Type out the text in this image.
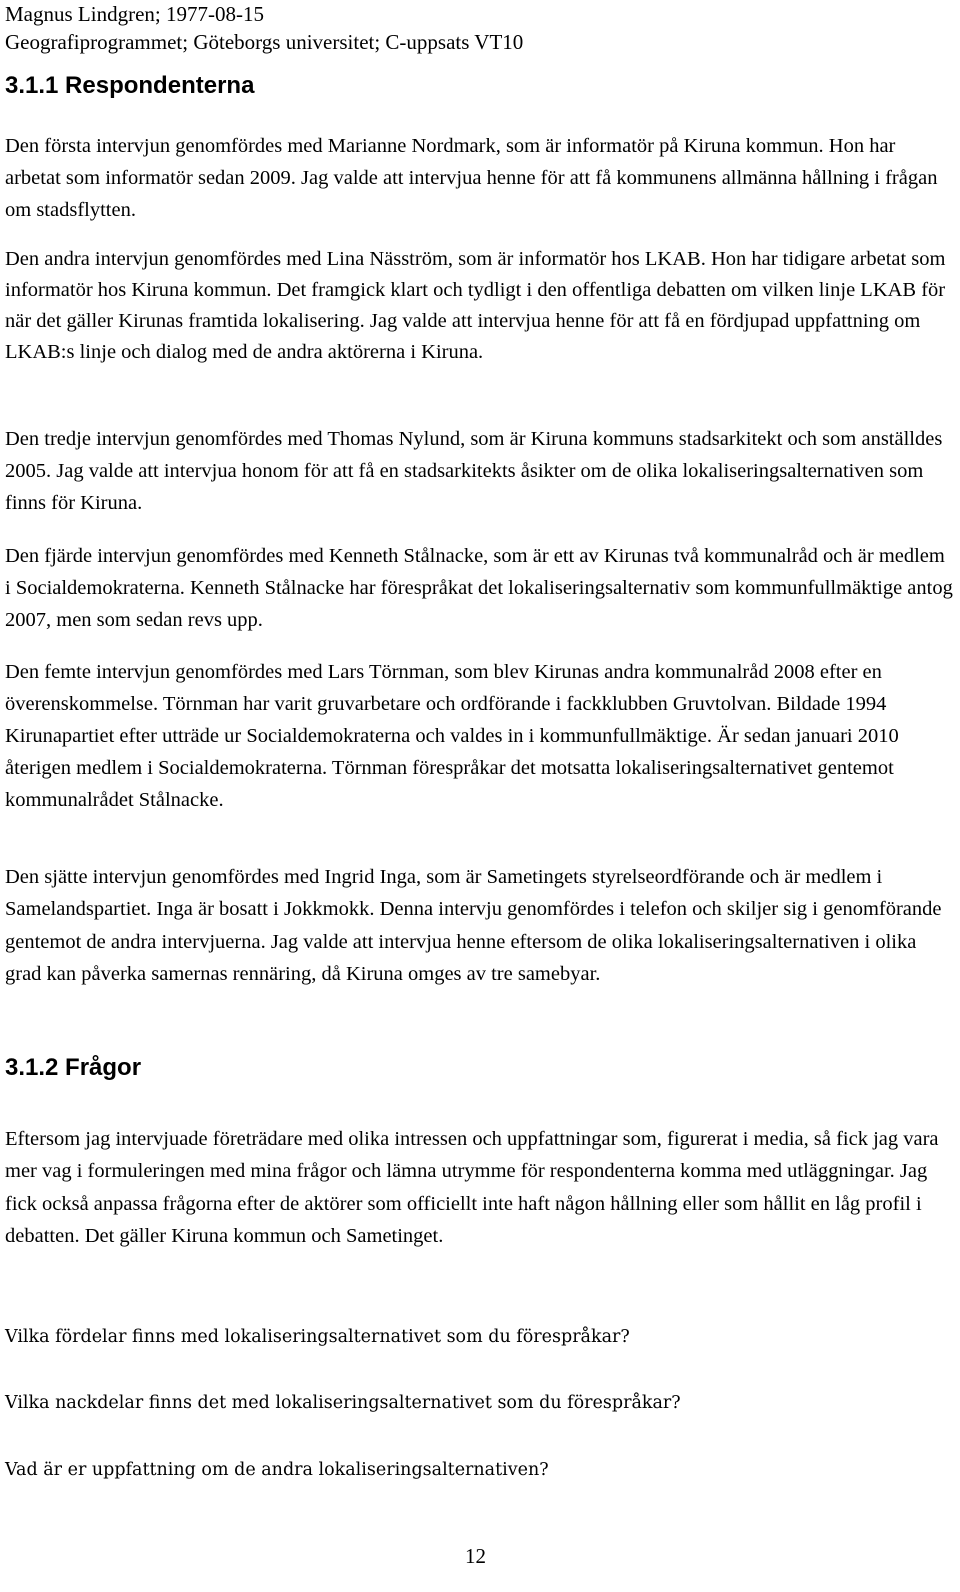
Magnus Lindgren; 1977-08-15
Geografiprogrammet; Göteborgs universitet; C-uppsats VT10
3.1.1 Respondenterna

Den första intervjun genomfördes med Marianne Nordmark, som är informatör på Kiruna kommun. Hon har arbetat som informatör sedan 2009. Jag valde att intervjua henne för att få kommunens allmänna hållning i frågan om stadsflytten.

Den andra intervjun genomfördes med Lina Näsström, som är informatör hos LKAB. Hon har tidigare arbetat som informatör hos Kiruna kommun. Det framgick klart och tydligt i den offentliga debatten om vilken linje LKAB för när det gäller Kirunas framtida lokalisering. Jag valde att intervjua henne för att få en fördjupad uppfattning om LKAB:s linje och dialog med de andra aktörerna i Kiruna.

Den tredje intervjun genomfördes med Thomas Nylund, som är Kiruna kommuns stadsarkitekt och som anställdes 2005. Jag valde att intervjua honom för att få en stadsarkitekts åsikter om de olika lokaliseringsalternativen som finns för Kiruna.

Den fjärde intervjun genomfördes med Kenneth Stålnacke, som är ett av Kirunas två kommunalråd och är medlem i Socialdemokraterna. Kenneth Stålnacke har förespråkat det lokaliseringsalternativ som kommunfullmäktige antog 2007, men som sedan revs upp.

Den femte intervjun genomfördes med Lars Törnman, som blev Kirunas andra kommunalråd 2008 efter en överenskommelse. Törnman har varit gruvarbetare och ordförande i fackklubben Gruvtolvan. Bildade 1994 Kirunapartiet efter utträde ur Socialdemokraterna och valdes in i kommunfullmäktige. Är sedan januari 2010 återigen medlem i Socialdemokraterna. Törnman förespråkar det motsatta lokaliseringsalternativet gentemot kommunalrådet Stålnacke.

Den sjätte intervjun genomfördes med Ingrid Inga, som är Sametingets styrelseordförande och är medlem i Samelandspartiet. Inga är bosatt i Jokkmokk. Denna intervju genomfördes i telefon och skiljer sig i genomförande gentemot de andra intervjuerna. Jag valde att intervjua henne eftersom de olika lokaliseringsalternativen i olika grad kan påverka samernas rennäring, då Kiruna omges av tre samebyar.

3.1.2 Frågor

Eftersom jag intervjuade företrädare med olika intressen och uppfattningar som, figurerat i media, så fick jag vara mer vag i formuleringen med mina frågor och lämna utrymme för respondenterna komma med utläggningar. Jag fick också anpassa frågorna efter de aktörer som officiellt inte haft någon hållning eller som hållit en låg profil i debatten. Det gäller Kiruna kommun och Sametinget.

Vilka fördelar finns med lokaliseringsalternativet som du förespråkar?
Vilka nackdelar finns det med lokaliseringsalternativet som du förespråkar?
Vad är er uppfattning om de andra lokaliseringsalternativen?
12
